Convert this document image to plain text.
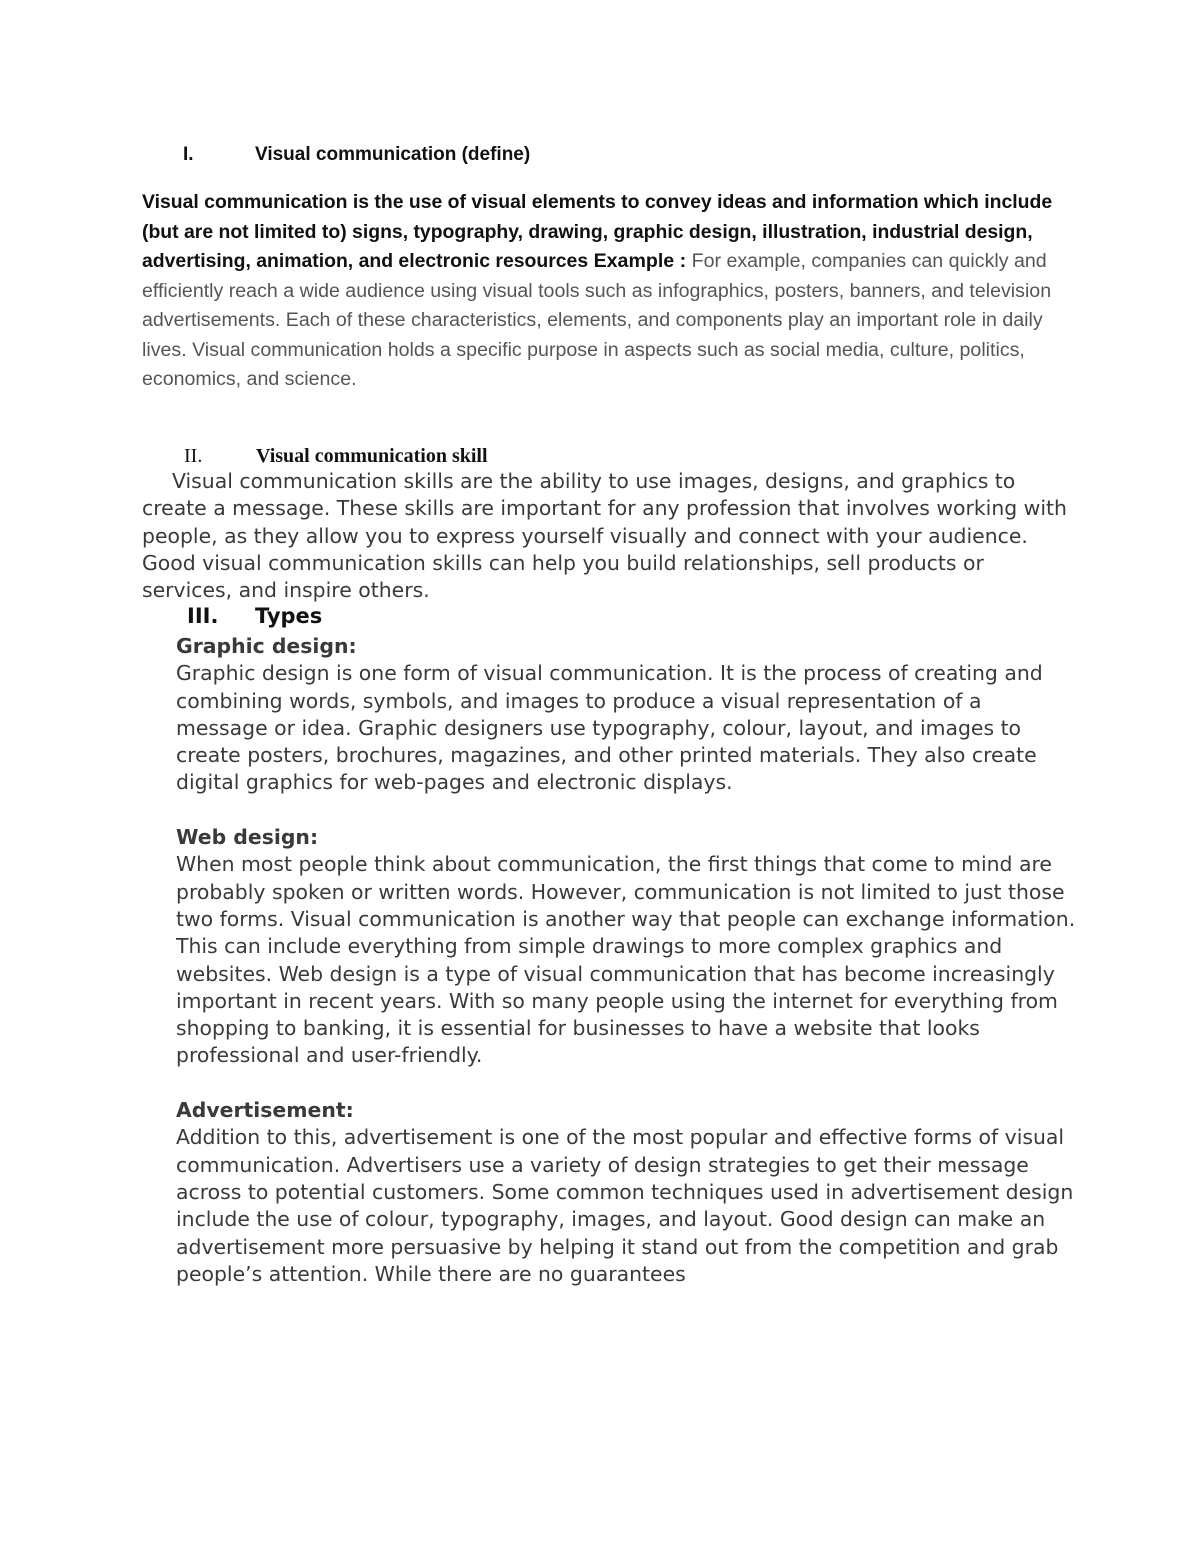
I.	Visual communication (define)
Visual communication is the use of visual elements to convey ideas and information which include (but are not limited to) signs, typography, drawing, graphic design, illustration, industrial design, advertising, animation, and electronic resources Example : For example, companies can quickly and efficiently reach a wide audience using visual tools such as infographics, posters, banners, and television advertisements. Each of these characteristics, elements, and components play an important role in daily lives. Visual communication holds a specific purpose in aspects such as social media, culture, politics, economics, and science.
II.	Visual communication skill
Visual communication skills are the ability to use images, designs, and graphics to create a message. These skills are important for any profession that involves working with people, as they allow you to express yourself visually and connect with your audience. Good visual communication skills can help you build relationships, sell products or services, and inspire others.
III. Types
Graphic design:
Graphic design is one form of visual communication. It is the process of creating and combining words, symbols, and images to produce a visual representation of a message or idea. Graphic designers use typography, colour, layout, and images to create posters, brochures, magazines, and other printed materials. They also create digital graphics for web-pages and electronic displays.
Web design:
When most people think about communication, the first things that come to mind are probably spoken or written words. However, communication is not limited to just those two forms. Visual communication is another way that people can exchange information. This can include everything from simple drawings to more complex graphics and websites. Web design is a type of visual communication that has become increasingly important in recent years. With so many people using the internet for everything from shopping to banking, it is essential for businesses to have a website that looks professional and user-friendly.
Advertisement:
Addition to this, advertisement is one of the most popular and effective forms of visual communication. Advertisers use a variety of design strategies to get their message across to potential customers. Some common techniques used in advertisement design include the use of colour, typography, images, and layout. Good design can make an advertisement more persuasive by helping it stand out from the competition and grab people’s attention. While there are no guarantees
